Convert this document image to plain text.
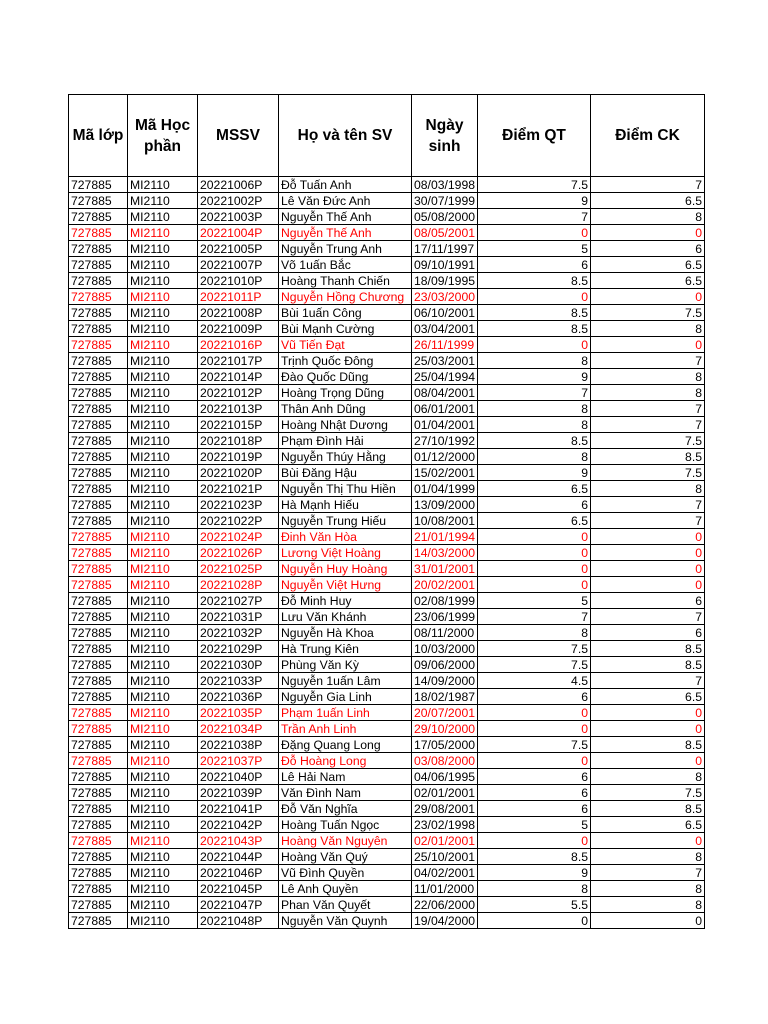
Mã lớp	Mã Học phần	MSSV	Họ và tên SV	Ngày sinh	Điểm QT	Điểm CK
727885	MI2110	20221006P	Đỗ Tuấn Anh	08/03/1998	7.5	7
727885	MI2110	20221002P	Lê Văn Đức Anh	30/07/1999	9	6.5
727885	MI2110	20221003P	Nguyễn Thế Anh	05/08/2000	7	8
727885	MI2110	20221004P	Nguyễn Thế Anh	08/05/2001	0	0
727885	MI2110	20221005P	Nguyễn Trung Anh	17/11/1997	5	6
727885	MI2110	20221007P	Võ 1uấn Bắc	09/10/1991	6	6.5
727885	MI2110	20221010P	Hoàng Thanh Chiến	18/09/1995	8.5	6.5
727885	MI2110	20221011P	Nguyễn Hồng Chương	23/03/2000	0	0
727885	MI2110	20221008P	Bùi 1uấn Công	06/10/2001	8.5	7.5
727885	MI2110	20221009P	Bùi Mạnh Cường	03/04/2001	8.5	8
727885	MI2110	20221016P	Vũ Tiến Đạt	26/11/1999	0	0
727885	MI2110	20221017P	Trịnh Quốc Đông	25/03/2001	8	7
727885	MI2110	20221014P	Đào Quốc Dũng	25/04/1994	9	8
727885	MI2110	20221012P	Hoàng Trọng Dũng	08/04/2001	7	8
727885	MI2110	20221013P	Thân Anh Dũng	06/01/2001	8	7
727885	MI2110	20221015P	Hoàng Nhật Dương	01/04/2001	8	7
727885	MI2110	20221018P	Phạm Đình Hải	27/10/1992	8.5	7.5
727885	MI2110	20221019P	Nguyễn Thúy Hằng	01/12/2000	8	8.5
727885	MI2110	20221020P	Bùi Đăng Hậu	15/02/2001	9	7.5
727885	MI2110	20221021P	Nguyễn Thị Thu Hiền	01/04/1999	6.5	8
727885	MI2110	20221023P	Hà Mạnh Hiếu	13/09/2000	6	7
727885	MI2110	20221022P	Nguyễn Trung Hiếu	10/08/2001	6.5	7
727885	MI2110	20221024P	Đinh Văn Hòa	21/01/1994	0	0
727885	MI2110	20221026P	Lương Việt Hoàng	14/03/2000	0	0
727885	MI2110	20221025P	Nguyễn Huy Hoàng	31/01/2001	0	0
727885	MI2110	20221028P	Nguyễn Việt Hưng	20/02/2001	0	0
727885	MI2110	20221027P	Đỗ Minh Huy	02/08/1999	5	6
727885	MI2110	20221031P	Lưu Văn Khánh	23/06/1999	7	7
727885	MI2110	20221032P	Nguyễn Hà Khoa	08/11/2000	8	6
727885	MI2110	20221029P	Hà Trung Kiên	10/03/2000	7.5	8.5
727885	MI2110	20221030P	Phùng Văn Kỳ	09/06/2000	7.5	8.5
727885	MI2110	20221033P	Nguyễn 1uấn Lâm	14/09/2000	4.5	7
727885	MI2110	20221036P	Nguyễn Gia Linh	18/02/1987	6	6.5
727885	MI2110	20221035P	Phạm 1uấn Linh	20/07/2001	0	0
727885	MI2110	20221034P	Trần Anh Linh	29/10/2000	0	0
727885	MI2110	20221038P	Đặng Quang Long	17/05/2000	7.5	8.5
727885	MI2110	20221037P	Đỗ Hoàng Long	03/08/2000	0	0
727885	MI2110	20221040P	Lê Hải Nam	04/06/1995	6	8
727885	MI2110	20221039P	Văn Đình Nam	02/01/2001	6	7.5
727885	MI2110	20221041P	Đỗ Văn Nghĩa	29/08/2001	6	8.5
727885	MI2110	20221042P	Hoàng Tuấn Ngọc	23/02/1998	5	6.5
727885	MI2110	20221043P	Hoàng Văn Nguyên	02/01/2001	0	0
727885	MI2110	20221044P	Hoàng Văn Quý	25/10/2001	8.5	8
727885	MI2110	20221046P	Vũ Đình Quyền	04/02/2001	9	7
727885	MI2110	20221045P	Lê Anh Quyền	11/01/2000	8	8
727885	MI2110	20221047P	Phan Văn Quyết	22/06/2000	5.5	8
727885	MI2110	20221048P	Nguyễn Văn Quynh	19/04/2000	0	0
